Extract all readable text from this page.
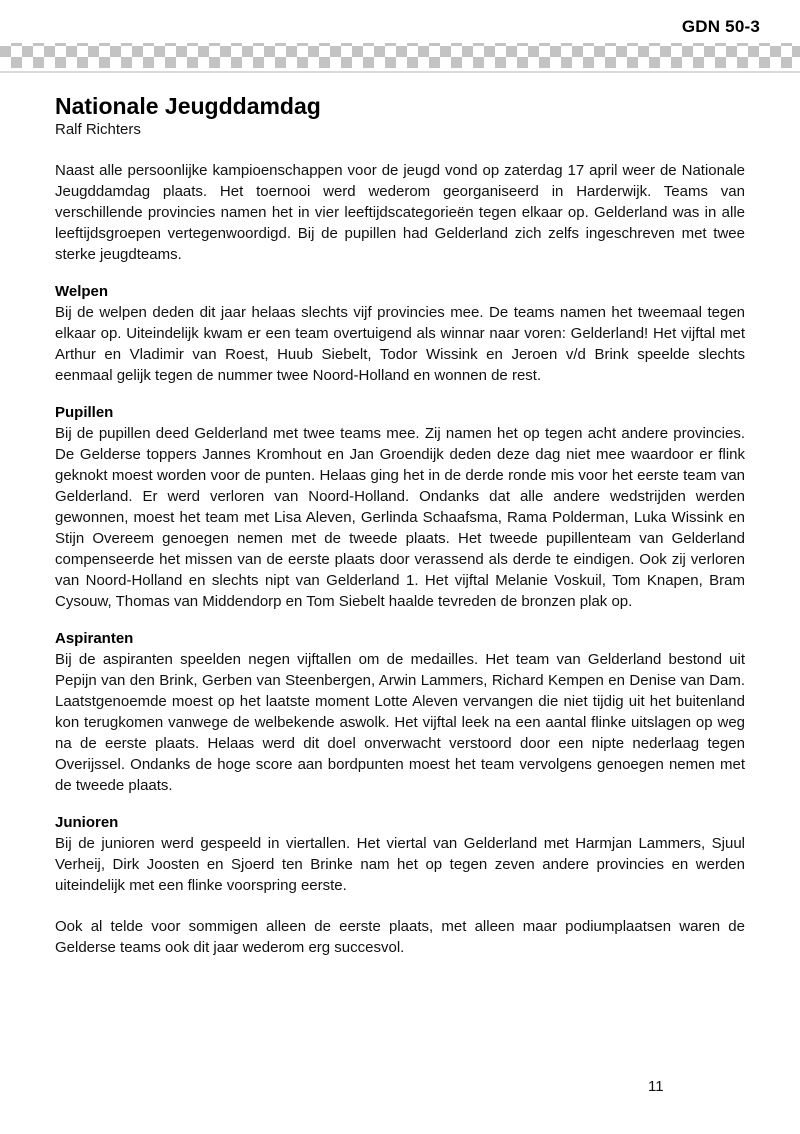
GDN 50-3
Nationale Jeugddamdag
Ralf Richters

Naast alle persoonlijke kampioenschappen voor de jeugd vond op zaterdag 17 april weer de Nationale Jeugddamdag plaats. Het toernooi werd wederom georganiseerd in Harderwijk. Teams van verschillende provincies namen het in vier leeftijdscategorieën tegen elkaar op. Gelderland was in alle leeftijdsgroepen vertegenwoordigd. Bij de pupillen had Gelderland zich zelfs ingeschreven met twee sterke jeugdteams.

Welpen

Bij de welpen deden dit jaar helaas slechts vijf provincies mee. De teams namen het tweemaal tegen elkaar op. Uiteindelijk kwam er een team overtuigend als winnar naar voren: Gelderland! Het vijftal met Arthur en Vladimir van Roest, Huub Siebelt, Todor Wissink en Jeroen v/d Brink speelde slechts eenmaal gelijk tegen de nummer twee Noord-Holland en wonnen de rest.

Pupillen

Bij de pupillen deed Gelderland met twee teams mee. Zij namen het op tegen acht andere provincies. De Gelderse toppers Jannes Kromhout en Jan Groendijk deden deze dag niet mee waardoor er flink geknokt moest worden voor de punten. Helaas ging het in de derde ronde mis voor het eerste team van Gelderland. Er werd verloren van Noord-Holland. Ondanks dat alle andere wedstrijden werden gewonnen, moest het team met Lisa Aleven, Gerlinda Schaafsma, Rama Polderman, Luka Wissink en Stijn Overeem genoegen nemen met de tweede plaats. Het tweede pupillenteam van Gelderland compenseerde het missen van de eerste plaats door verassend als derde te eindigen. Ook zij verloren van Noord-Holland en slechts nipt van Gelderland 1. Het vijftal Melanie Voskuil, Tom Knapen, Bram Cysouw, Thomas van Middendorp en Tom Siebelt haalde tevreden de bronzen plak op.

Aspiranten

Bij de aspiranten speelden negen vijftallen om de medailles. Het team van Gelderland bestond uit Pepijn van den Brink, Gerben van Steenbergen, Arwin Lammers, Richard Kempen en Denise van Dam. Laatstgenoemde moest op het laatste moment Lotte Aleven vervangen die niet tijdig uit het buitenland kon terugkomen vanwege de welbekende aswolk. Het vijftal leek na een aantal flinke uitslagen op weg na de eerste plaats. Helaas werd dit doel onverwacht verstoord door een nipte nederlaag tegen Overijssel. Ondanks de hoge score aan bordpunten moest het team vervolgens genoegen nemen met de tweede plaats.

Junioren

Bij de junioren werd gespeeld in viertallen. Het viertal van Gelderland met Harmjan Lammers, Sjuul Verheij, Dirk Joosten en Sjoerd ten Brinke nam het op tegen zeven andere provincies en werden uiteindelijk met een flinke voorspring eerste.

Ook al telde voor sommigen alleen de eerste plaats, met alleen maar podiumplaatsen waren de Gelderse teams ook dit jaar wederom erg succesvol.

11
